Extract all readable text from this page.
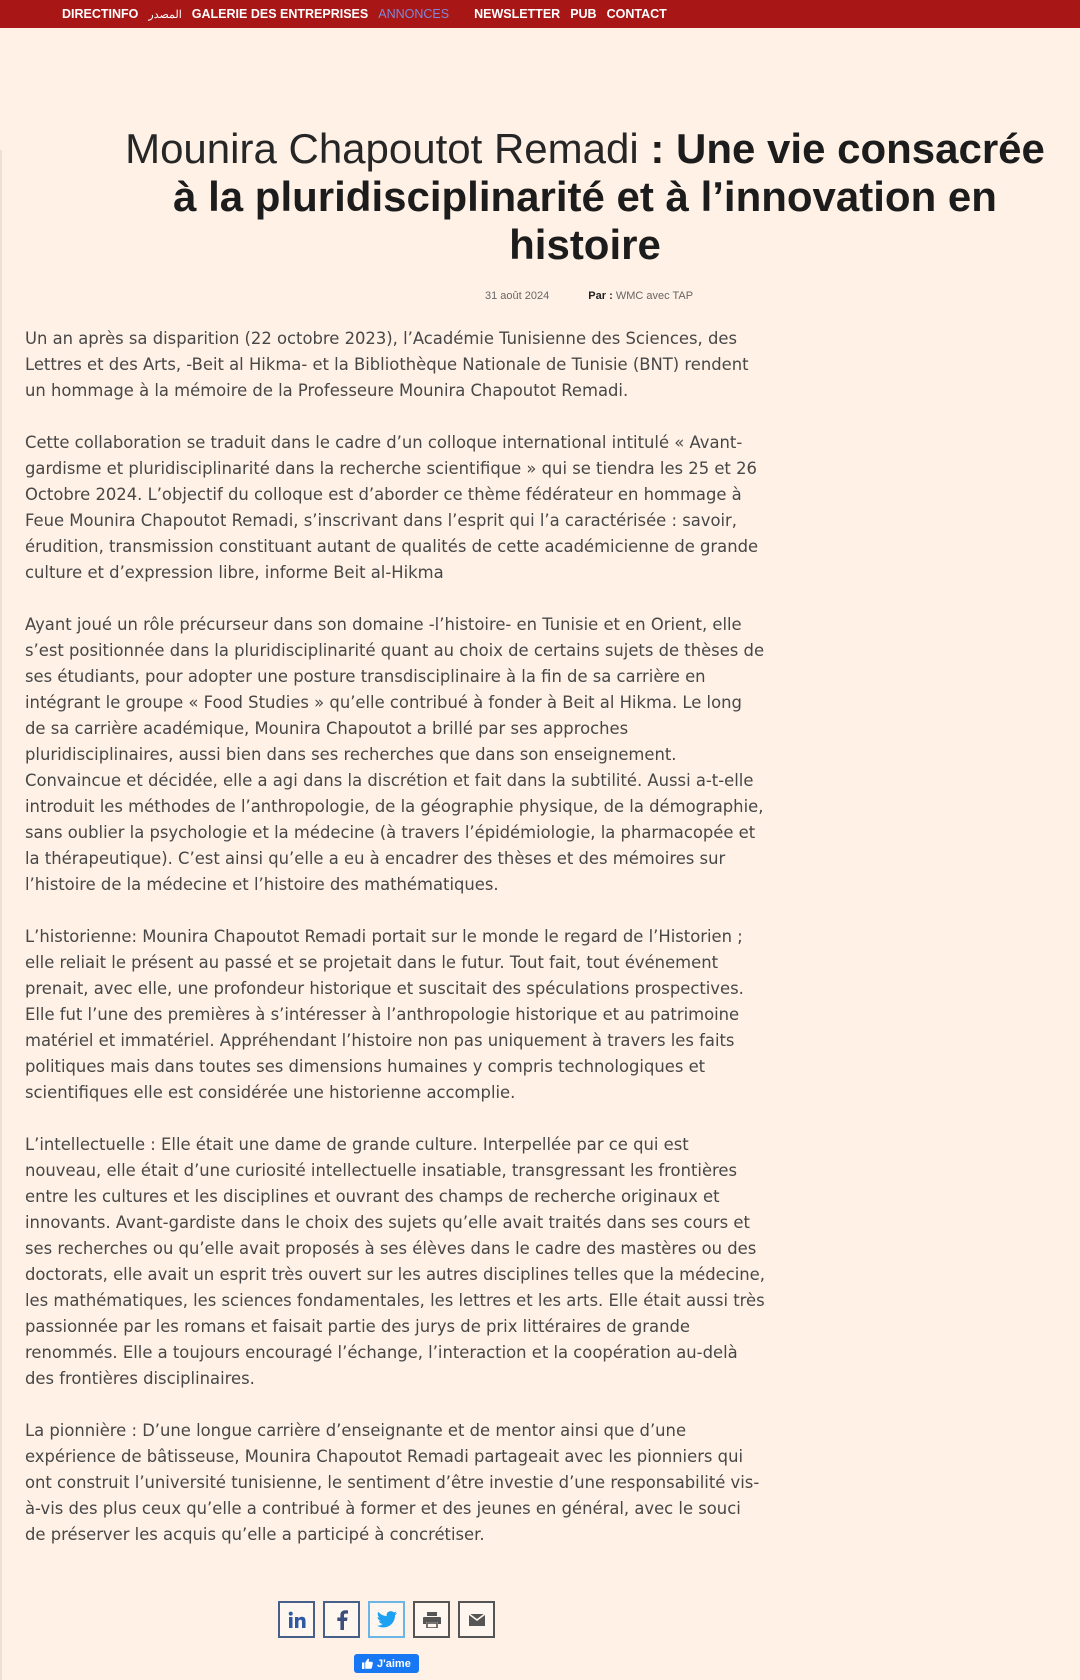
DIRECTINFO المصدر GALERIE DES ENTREPRISES ANNONCES NEWSLETTER PUB CONTACT
Mounira Chapoutot Remadi : Une vie consacrée à la pluridisciplinarité et à l’innovation en histoire
31 août 2024	Par : WMC avec TAP

Un an après sa disparition (22 octobre 2023), l’Académie Tunisienne des Sciences, des Lettres et des Arts, -Beit al Hikma- et la Bibliothèque Nationale de Tunisie (BNT) rendent un hommage à la mémoire de la Professeure Mounira Chapoutot Remadi.

Cette collaboration se traduit dans le cadre d’un colloque international intitulé « Avant-gardisme et pluridisciplinarité dans la recherche scientifique » qui se tiendra les 25 et 26 Octobre 2024. L’objectif du colloque est d’aborder ce thème fédérateur en hommage à Feue Mounira Chapoutot Remadi, s’inscrivant dans l’esprit qui l’a caractérisée : savoir, érudition, transmission constituant autant de qualités de cette académicienne de grande culture et d’expression libre, informe Beit al-Hikma

Ayant joué un rôle précurseur dans son domaine -l’histoire- en Tunisie et en Orient, elle s’est positionnée dans la pluridisciplinarité quant au choix de certains sujets de thèses de ses étudiants, pour adopter une posture transdisciplinaire à la fin de sa carrière en intégrant le groupe « Food Studies » qu’elle contribué à fonder à Beit al Hikma. Le long de sa carrière académique, Mounira Chapoutot a brillé par ses approches pluridisciplinaires, aussi bien dans ses recherches que dans son enseignement. Convaincue et décidée, elle a agi dans la discrétion et fait dans la subtilité. Aussi a-t-elle introduit les méthodes de l’anthropologie, de la géographie physique, de la démographie, sans oublier la psychologie et la médecine (à travers l’épidémiologie, la pharmacopée et la thérapeutique). C’est ainsi qu’elle a eu à encadrer des thèses et des mémoires sur l’histoire de la médecine et l’histoire des mathématiques.

L’historienne: Mounira Chapoutot Remadi portait sur le monde le regard de l’Historien ; elle reliait le présent au passé et se projetait dans le futur. Tout fait, tout événement prenait, avec elle, une profondeur historique et suscitait des spéculations prospectives. Elle fut l’une des premières à s’intéresser à l’anthropologie historique et au patrimoine matériel et immatériel. Appréhendant l’histoire non pas uniquement à travers les faits politiques mais dans toutes ses dimensions humaines y compris technologiques et scientifiques elle est considérée une historienne accomplie.

L’intellectuelle : Elle était une dame de grande culture. Interpellée par ce qui est nouveau, elle était d’une curiosité intellectuelle insatiable, transgressant les frontières entre les cultures et les disciplines et ouvrant des champs de recherche originaux et innovants. Avant-gardiste dans le choix des sujets qu’elle avait traités dans ses cours et ses recherches ou qu’elle avait proposés à ses élèves dans le cadre des mastères ou des doctorats, elle avait un esprit très ouvert sur les autres disciplines telles que la médecine, les mathématiques, les sciences fondamentales, les lettres et les arts. Elle était aussi très passionnée par les romans et faisait partie des jurys de prix littéraires de grande renommés. Elle a toujours encouragé l’échange, l’interaction et la coopération au-delà des frontières disciplinaires.

La pionnière : D’une longue carrière d’enseignante et de mentor ainsi que d’une expérience de bâtisseuse, Mounira Chapoutot Remadi partageait avec les pionniers qui ont construit l’université tunisienne, le sentiment d’être investie d’une responsabilité vis-à-vis des plus ceux qu’elle a contribué à former et des jeunes en général, avec le souci de préserver les acquis qu’elle a participé à concrétiser.

J'aime
